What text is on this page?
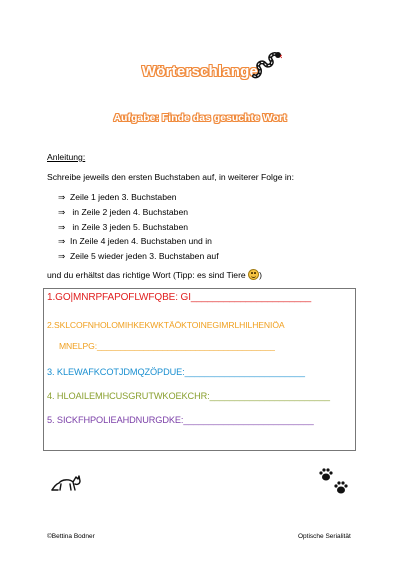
Wörterschlange
Aufgabe: Finde das gesuchte Wort
Anleitung:
Schreibe jeweils den ersten Buchstaben auf, in weiterer Folge in:
⇒ Zeile 1 jeden 3. Buchstaben
⇒ in Zeile 2 jeden 4. Buchstaben
⇒ in Zeile 3 jeden 5. Buchstaben
⇒ In Zeile 4 jeden 4. Buchstaben und in
⇒ Zeile 5 wieder jeden 3. Buchstaben auf
und du erhältst das richtige Wort (Tipp: es sind Tiere )
1.GO|MNRPFAPOFLWFQBE: GI______________________
2.SKLCOFNHOLOMIHKEKWKTÄÖKTOINEGIMRLHILHENIÖA
MNELPG:______________________________________
3. KLEWAFKCOTJDMQZÖPDUE:________________________
4. HLOAILEMHCUSGRUTWKOEKCHR:________________________
5. SICKFHPOLIEAHDNURGDKE:__________________________
©Bettina Bodner	Optische Serialität
